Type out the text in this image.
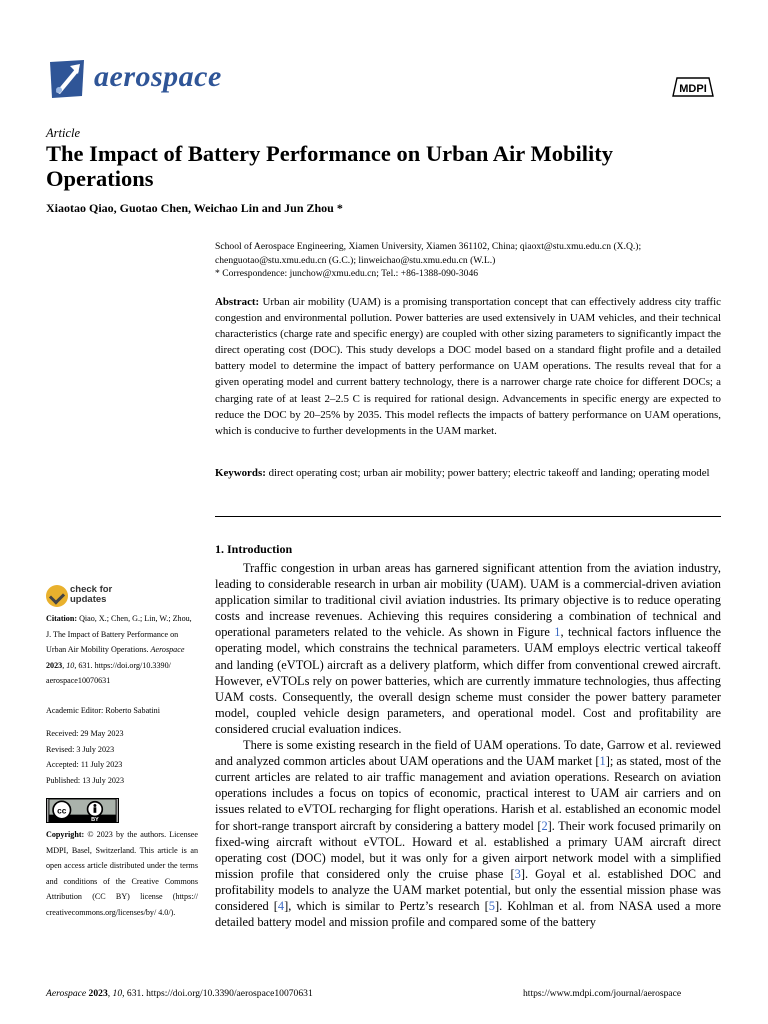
aerospace	MDPI
Article
The Impact of Battery Performance on Urban Air Mobility Operations
Xiaotao Qiao, Guotao Chen, Weichao Lin and Jun Zhou *
School of Aerospace Engineering, Xiamen University, Xiamen 361102, China; qiaoxt@stu.xmu.edu.cn (X.Q.);
chenguotao@stu.xmu.edu.cn (G.C.); linweichao@stu.xmu.edu.cn (W.L.)
* Correspondence: junchow@xmu.edu.cn; Tel.: +86-1388-090-3046
Abstract: Urban air mobility (UAM) is a promising transportation concept that can effectively address city traffic congestion and environmental pollution. Power batteries are used extensively in UAM vehicles, and their technical characteristics (charge rate and specific energy) are coupled with other sizing parameters to significantly impact the direct operating cost (DOC). This study develops a DOC model based on a standard flight profile and a detailed battery model to determine the impact of battery performance on UAM operations. The results reveal that for a given operating model and current battery technology, there is a narrower charge rate choice for different DOCs; a charging rate of at least 2–2.5 C is required for rational design. Advancements in specific energy are expected to reduce the DOC by 20–25% by 2035. This model reflects the impacts of battery performance on UAM operations, which is conducive to further developments in the UAM market.
Keywords: direct operating cost; urban air mobility; power battery; electric takeoff and landing; operating model
1. Introduction

Traffic congestion in urban areas has garnered significant attention from the aviation industry, leading to considerable research in urban air mobility (UAM). UAM is a commercial-driven aviation application similar to traditional civil aviation industries. Its primary objective is to reduce operating costs and increase revenues. Achieving this requires considering a combination of technical and operational parameters related to the vehicle. As shown in Figure 1, technical factors influence the operating model, which constrains the technical parameters. UAM employs electric vertical takeoff and landing (eVTOL) aircraft as a delivery platform, which differ from conventional crewed aircraft. However, eVTOLs rely on power batteries, which are currently immature technologies, thus affecting UAM costs. Consequently, the overall design scheme must consider the power battery parameter model, coupled vehicle design parameters, and operational model. Cost and profitability are considered crucial evaluation indices.

There is some existing research in the field of UAM operations. To date, Garrow et al. reviewed and analyzed common articles about UAM operations and the UAM market [1]; as stated, most of the current articles are related to air traffic management and aviation operations. Research on aviation operations includes a focus on topics of economic, practical interest to UAM air carriers and on issues related to eVTOL recharging for flight operations. Harish et al. established an economic model for short-range transport aircraft by considering a battery model [2]. Their work focused primarily on fixed-wing aircraft without eVTOL. Howard et al. established a primary UAM aircraft direct operating cost (DOC) model, but it was only for a given airport network model with a simplified mission profile that considered only the cruise phase [3]. Goyal et al. established DOC and profitability models to analyze the UAM market potential, but only the essential mission phase was considered [4], which is similar to Pertz’s research [5]. Kohlman et al. from NASA used a more detailed battery model and mission profile and compared some of the battery

check for
updates
Citation: Qiao, X.; Chen, G.; Lin, W.; Zhou, J. The Impact of Battery Performance on Urban Air Mobility Operations. Aerospace 2023, 10, 631. https://doi.org/10.3390/ aerospace10070631
Academic Editor: Roberto Sabatini
Received: 29 May 2023
Revised: 3 July 2023
Accepted: 11 July 2023
Published: 13 July 2023
cc
BY
Copyright: © 2023 by the authors. Licensee MDPI, Basel, Switzerland. This article is an open access article distributed under the terms and conditions of the Creative Commons Attribution (CC BY) license (https:// creativecommons.org/licenses/by/ 4.0/).
Aerospace 2023, 10, 631. https://doi.org/10.3390/aerospace10070631	https://www.mdpi.com/journal/aerospace
